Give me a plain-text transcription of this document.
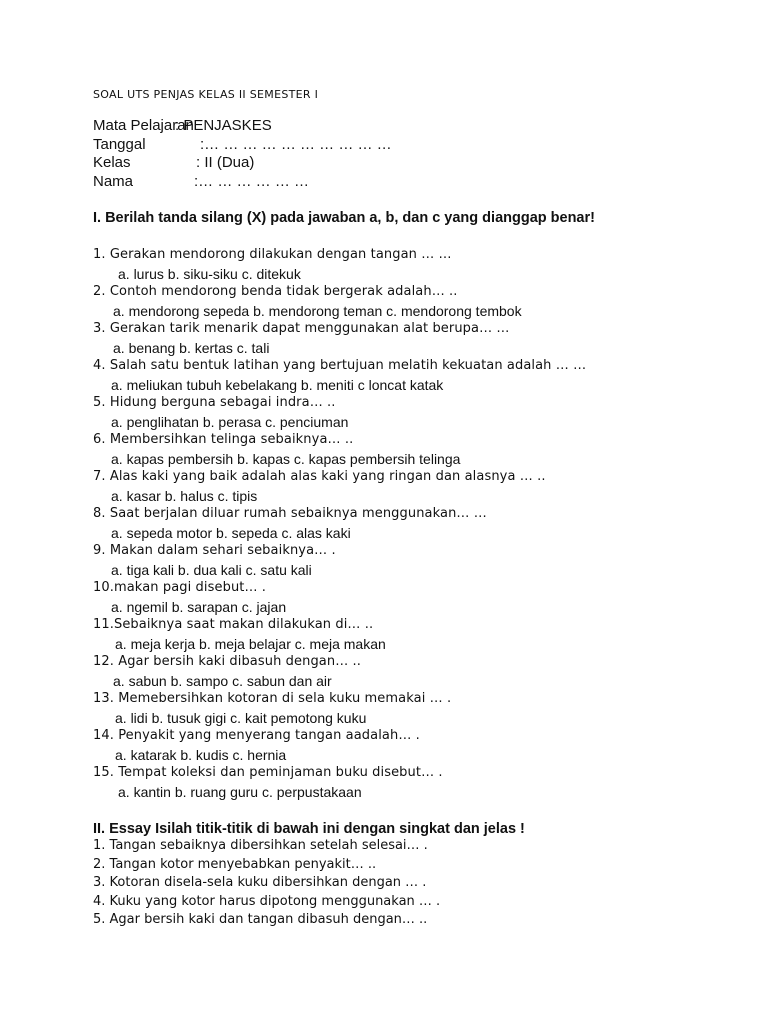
SOAL UTS PENJAS KELAS II SEMESTER I
Mata Pelajaran
: PENJASKES
Tanggal	:… … … … … … … … … …
Kelas	: II (Dua)
Nama	:… … … … … …
I. Berilah tanda silang (X) pada jawaban a, b, dan c yang dianggap benar!
1. Gerakan mendorong dilakukan dengan tangan … …
a. lurus b. siku-siku c. ditekuk
2. Contoh mendorong benda tidak bergerak adalah… ..
a. mendorong sepeda b. mendorong teman c. mendorong tembok
3. Gerakan tarik menarik dapat menggunakan alat berupa… …
a. benang b. kertas c. tali
4. Salah satu bentuk latihan yang bertujuan melatih kekuatan adalah … …
a. meliukan tubuh kebelakang b. meniti c loncat katak
5. Hidung berguna sebagai indra… ..
a. penglihatan b. perasa c. penciuman
6. Membersihkan telinga sebaiknya… ..
a. kapas pembersih b. kapas c. kapas pembersih telinga
7. Alas kaki yang baik adalah alas kaki yang ringan dan alasnya … ..
a. kasar b. halus c. tipis
8. Saat berjalan diluar rumah sebaiknya menggunakan… …
a. sepeda motor b. sepeda c. alas kaki
9. Makan dalam sehari sebaiknya… .
a. tiga kali b. dua kali c. satu kali
10.makan pagi disebut… .
a. ngemil b. sarapan c. jajan
11.Sebaiknya saat makan dilakukan di… ..
a. meja kerja b. meja belajar c. meja makan
12. Agar bersih kaki dibasuh dengan… ..
a. sabun b. sampo c. sabun dan air
13. Memebersihkan kotoran di sela kuku memakai … .
a. lidi b. tusuk gigi c. kait pemotong kuku
14. Penyakit yang menyerang tangan aadalah… .
a. katarak b. kudis c. hernia
15. Tempat koleksi dan peminjaman buku disebut… .
a. kantin b. ruang guru c. perpustakaan
II. Essay Isilah titik-titik di bawah ini dengan singkat dan jelas !
1. Tangan sebaiknya dibersihkan setelah selesai… .
2. Tangan kotor menyebabkan penyakit… ..
3. Kotoran disela-sela kuku dibersihkan dengan … .
4. Kuku yang kotor harus dipotong menggunakan … .
5. Agar bersih kaki dan tangan dibasuh dengan… ..
